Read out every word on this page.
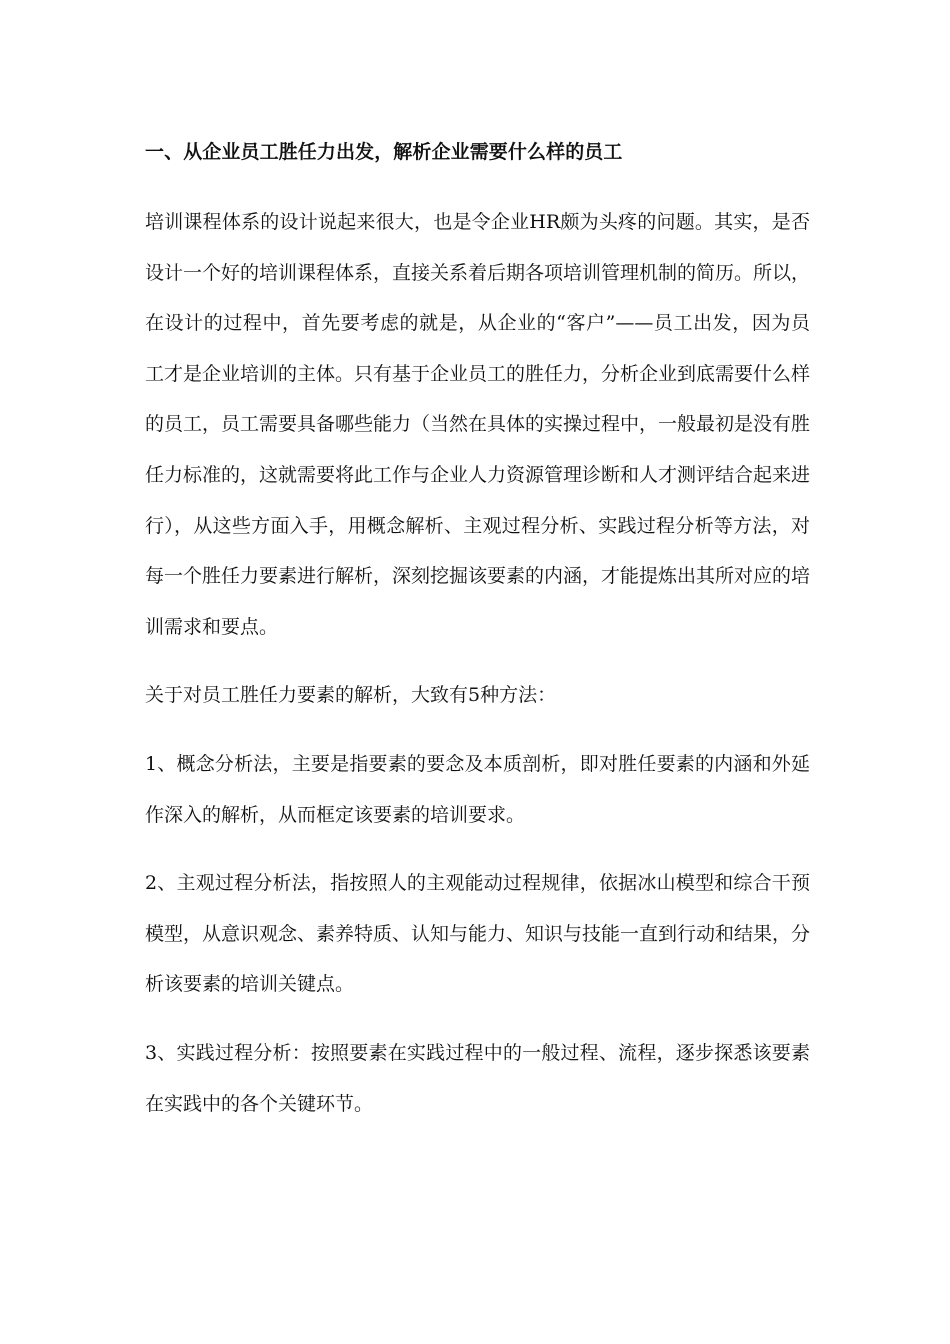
一、从企业员工胜任力出发，解析企业需要什么样的员工

培训课程体系的设计说起来很大，也是令企业HR颇为头疼的问题。其实，是否设计一个好的培训课程体系，直接关系着后期各项培训管理机制的简历。所以，在设计的过程中，首先要考虑的就是，从企业的“客户”——员工出发，因为员工才是企业培训的主体。只有基于企业员工的胜任力，分析企业到底需要什么样的员工，员工需要具备哪些能力（当然在具体的实操过程中，一般最初是没有胜任力标准的，这就需要将此工作与企业人力资源管理诊断和人才测评结合起来进行），从这些方面入手，用概念解析、主观过程分析、实践过程分析等方法，对每一个胜任力要素进行解析，深刻挖掘该要素的内涵，才能提炼出其所对应的培训需求和要点。

关于对员工胜任力要素的解析，大致有5种方法：

1、概念分析法，主要是指要素的要念及本质剖析，即对胜任要素的内涵和外延作深入的解析，从而框定该要素的培训要求。

2、主观过程分析法，指按照人的主观能动过程规律，依据冰山模型和综合干预模型，从意识观念、素养特质、认知与能力、知识与技能一直到行动和结果，分析该要素的培训关键点。

3、实践过程分析：按照要素在实践过程中的一般过程、流程，逐步探悉该要素在实践中的各个关键环节。
